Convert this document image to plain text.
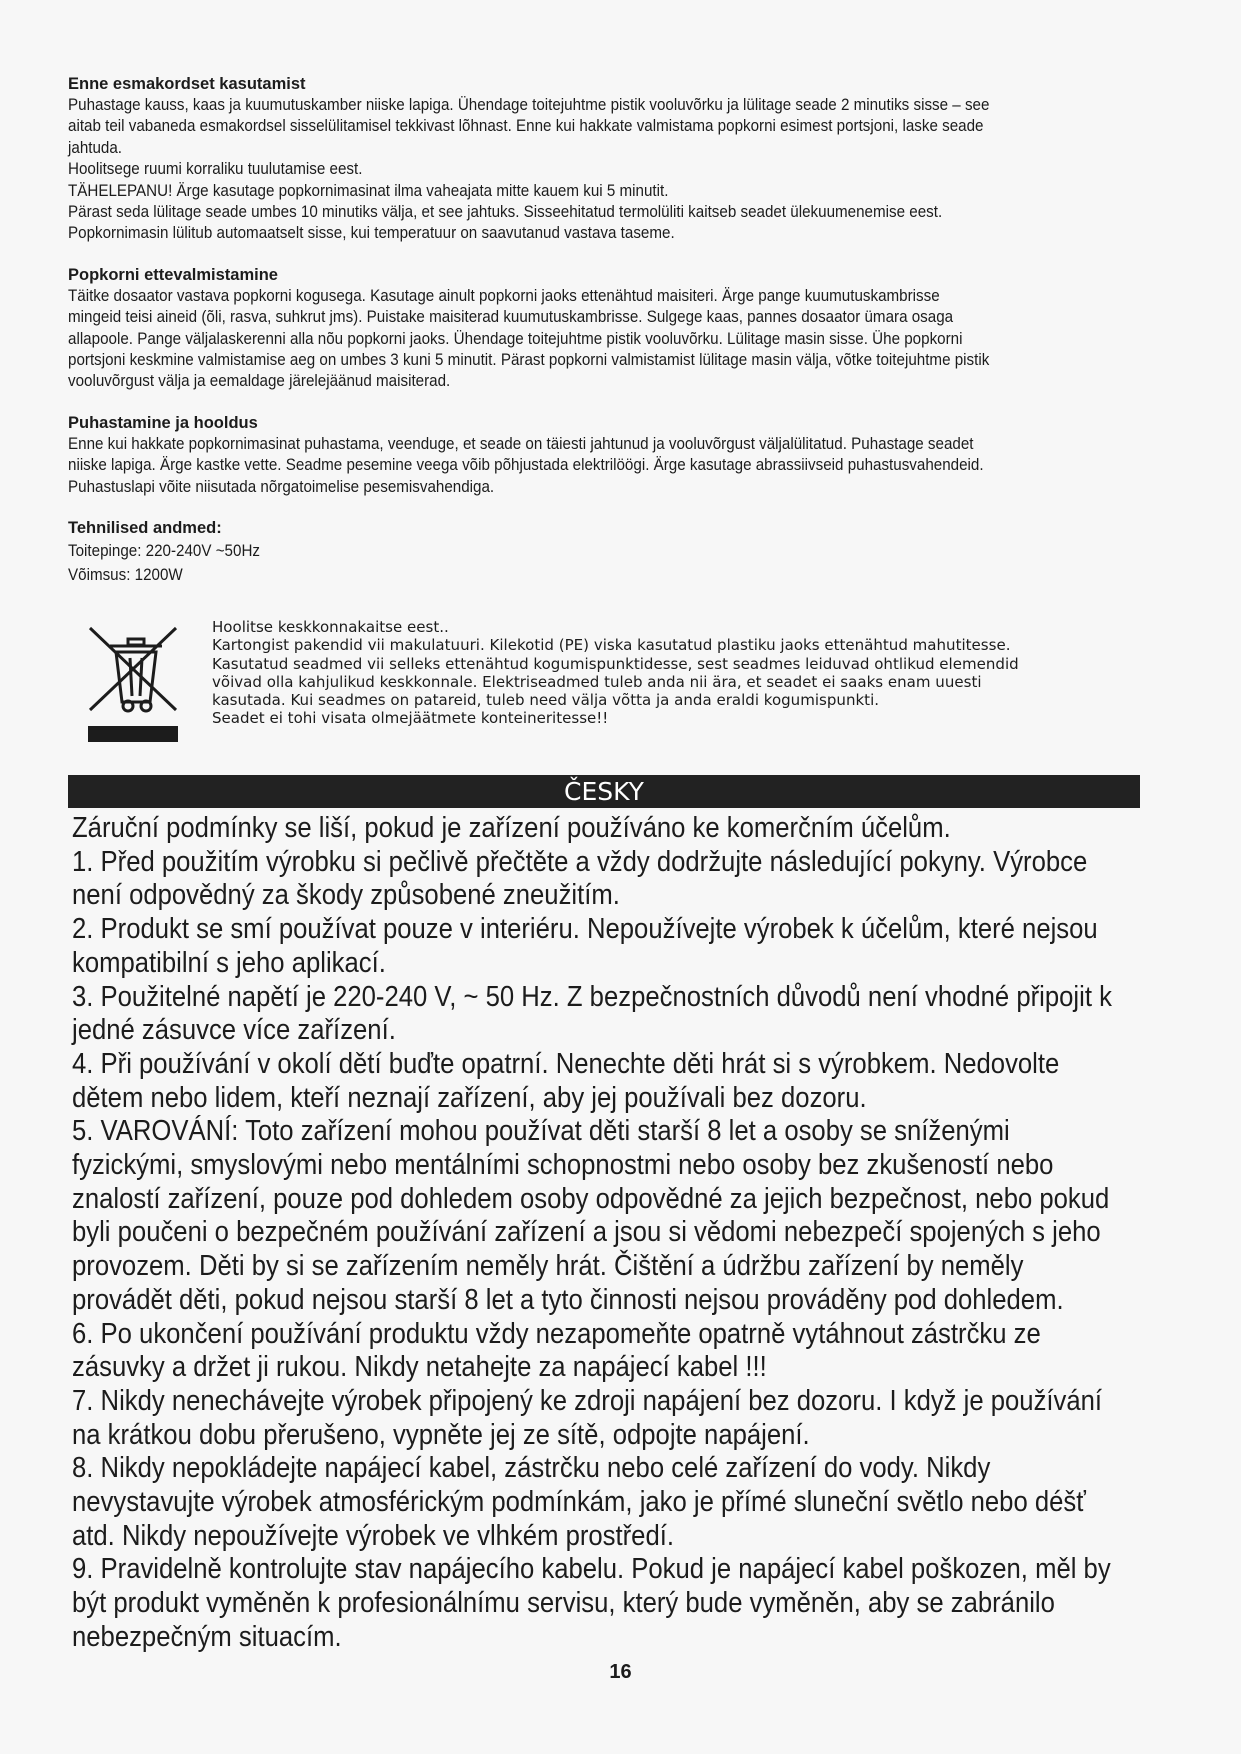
Enne esmakordset kasutamist

Puhastage kauss, kaas ja kuumutuskamber niiske lapiga. Ühendage toitejuhtme pistik vooluvõrku ja lülitage seade 2 minutiks sisse – see

aitab teil vabaneda esmakordsel sisselülitamisel tekkivast lõhnast. Enne kui hakkate valmistama popkorni esimest portsjoni, laske seade

jahtuda.

Hoolitsege ruumi korraliku tuulutamise eest.

TÄHELEPANU! Ärge kasutage popkornimasinat ilma vaheajata mitte kauem kui 5 minutit.

Pärast seda lülitage seade umbes 10 minutiks välja, et see jahtuks. Sisseehitatud termolüliti kaitseb seadet ülekuumenemise eest.

Popkornimasin lülitub automaatselt sisse, kui temperatuur on saavutanud vastava taseme.

Popkorni ettevalmistamine

Täitke dosaator vastava popkorni kogusega. Kasutage ainult popkorni jaoks ettenähtud maisiteri. Ärge pange kuumutuskambrisse

mingeid teisi aineid (õli, rasva, suhkrut jms). Puistake maisiterad kuumutuskambrisse. Sulgege kaas, pannes dosaator ümara osaga

allapoole. Pange väljalaskerenni alla nõu popkorni jaoks. Ühendage toitejuhtme pistik vooluvõrku. Lülitage masin sisse. Ühe popkorni

portsjoni keskmine valmistamise aeg on umbes 3 kuni 5 minutit. Pärast popkorni valmistamist lülitage masin välja, võtke toitejuhtme pistik

vooluvõrgust välja ja eemaldage järelejäänud maisiterad.

Puhastamine ja hooldus

Enne kui hakkate popkornimasinat puhastama, veenduge, et seade on täiesti jahtunud ja vooluvõrgust väljalülitatud. Puhastage seadet

niiske lapiga. Ärge kastke vette. Seadme pesemine veega võib põhjustada elektrilöögi. Ärge kasutage abrassiivseid puhastusvahendeid.

Puhastuslapi võite niisutada nõrgatoimelise pesemisvahendiga.

Tehnilised andmed:
Toitepinge: 220-240V ~50Hz
Võimsus: 1200W
Hoolitse keskkonnakaitse eest..
Kartongist pakendid vii makulatuuri. Kilekotid (PE) viska kasutatud plastiku jaoks ettenähtud mahutitesse.
Kasutatud seadmed vii selleks ettenähtud kogumispunktidesse, sest seadmes leiduvad ohtlikud elemendid
võivad olla kahjulikud keskkonnale. Elektriseadmed tuleb anda nii ära, et seadet ei saaks enam uuesti
kasutada. Kui seadmes on patareid, tuleb need välja võtta ja anda eraldi kogumispunkti.
Seadet ei tohi visata olmejäätmete konteineritesse!!
ČESKY
Záruční podmínky se liší, pokud je zařízení používáno ke komerčním účelům.
1. Před použitím výrobku si pečlivě přečtěte a vždy dodržujte následující pokyny. Výrobce
není odpovědný za škody způsobené zneužitím.
2. Produkt se smí používat pouze v interiéru. Nepoužívejte výrobek k účelům, které nejsou
kompatibilní s jeho aplikací.
3. Použitelné napětí je 220-240 V, ~ 50 Hz. Z bezpečnostních důvodů není vhodné připojit k
jedné zásuvce více zařízení.
4. Při používání v okolí dětí buďte opatrní. Nenechte děti hrát si s výrobkem. Nedovolte
dětem nebo lidem, kteří neznají zařízení, aby jej používali bez dozoru.
5. VAROVÁNÍ: Toto zařízení mohou používat děti starší 8 let a osoby se sníženými
fyzickými, smyslovými nebo mentálními schopnostmi nebo osoby bez zkušeností nebo
znalostí zařízení, pouze pod dohledem osoby odpovědné za jejich bezpečnost, nebo pokud
byli poučeni o bezpečném používání zařízení a jsou si vědomi nebezpečí spojených s jeho
provozem. Děti by si se zařízením neměly hrát. Čištění a údržbu zařízení by neměly
provádět děti, pokud nejsou starší 8 let a tyto činnosti nejsou prováděny pod dohledem.
6. Po ukončení používání produktu vždy nezapomeňte opatrně vytáhnout zástrčku ze
zásuvky a držet ji rukou. Nikdy netahejte za napájecí kabel !!!
7. Nikdy nenechávejte výrobek připojený ke zdroji napájení bez dozoru. I když je používání
na krátkou dobu přerušeno, vypněte jej ze sítě, odpojte napájení.
8. Nikdy nepokládejte napájecí kabel, zástrčku nebo celé zařízení do vody. Nikdy
nevystavujte výrobek atmosférickým podmínkám, jako je přímé sluneční světlo nebo déšť
atd. Nikdy nepoužívejte výrobek ve vlhkém prostředí.
9. Pravidelně kontrolujte stav napájecího kabelu. Pokud je napájecí kabel poškozen, měl by
být produkt vyměněn k profesionálnímu servisu, který bude vyměněn, aby se zabránilo
nebezpečným situacím.
16
